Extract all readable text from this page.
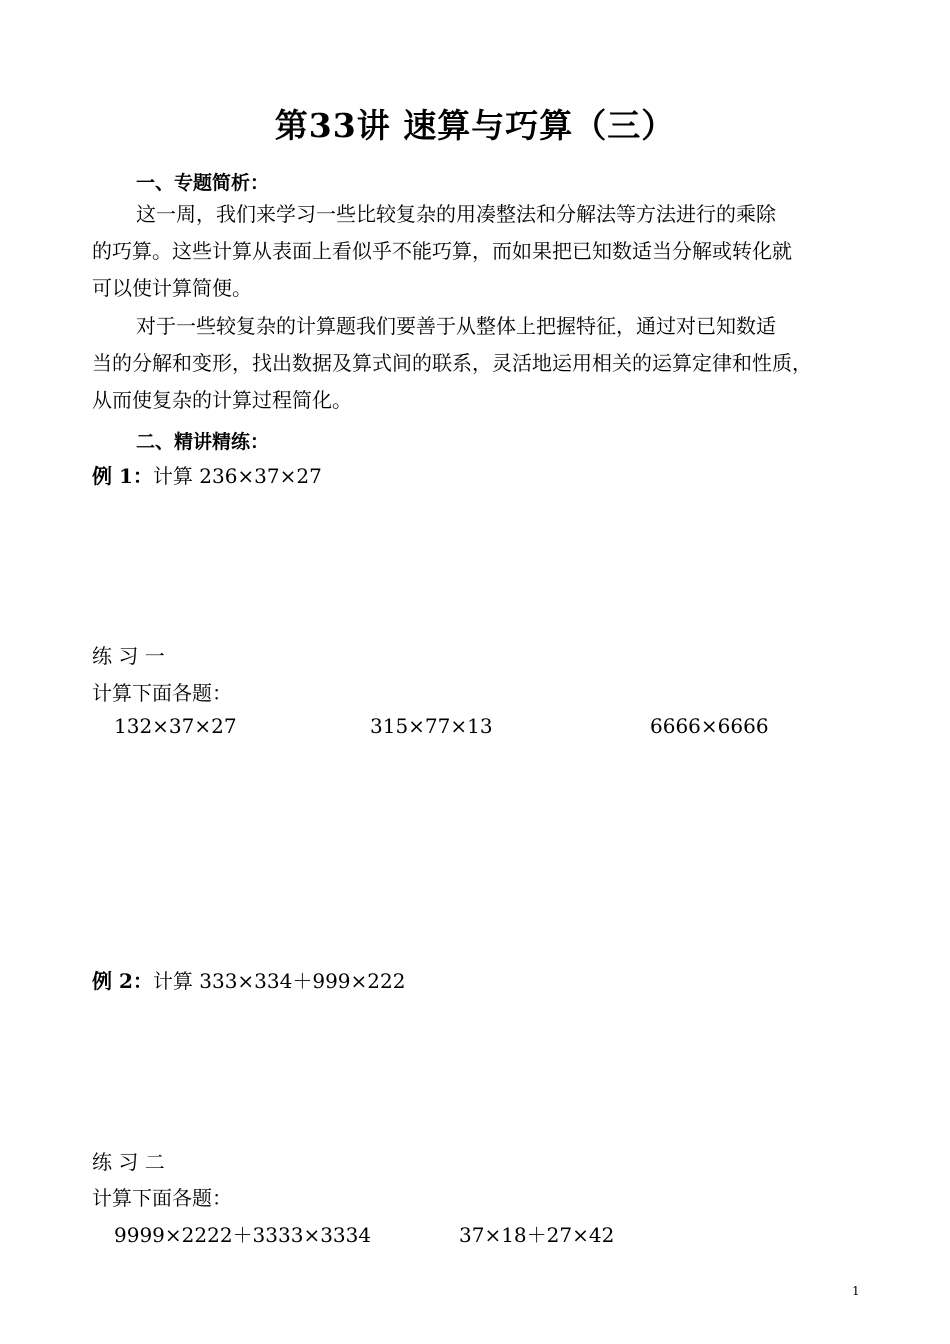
第33讲 速算与巧算（三）
一、专题简析：
这一周，我们来学习一些比较复杂的用凑整法和分解法等方法进行的乘除
的巧算。这些计算从表面上看似乎不能巧算，而如果把已知数适当分解或转化就
可以使计算简便。
对于一些较复杂的计算题我们要善于从整体上把握特征，通过对已知数适
当的分解和变形，找出数据及算式间的联系，灵活地运用相关的运算定律和性质，
从而使复杂的计算过程简化。
二、精讲精练：
例 1：计算 236×37×27
练 习 一
计算下面各题：
132×37×27	315×77×13	6666×6666
例 2：计算 333×334＋999×222
练 习 二
计算下面各题：
9999×2222＋3333×3334	37×18＋27×42
1
